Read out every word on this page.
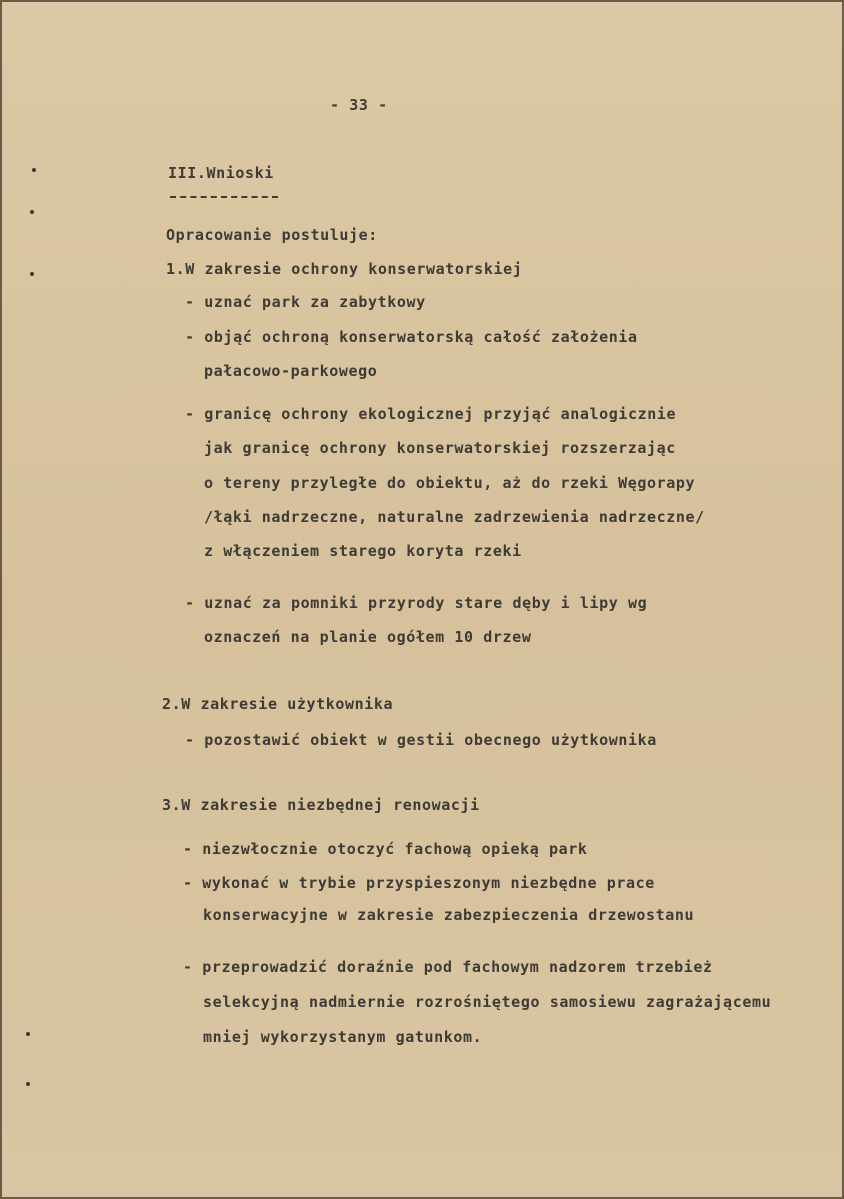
- 33 -
III.Wnioski
Opracowanie postuluje:
1.W zakresie ochrony konserwatorskiej
- uznać park za zabytkowy
- objąć ochroną konserwatorską całość założenia
pałacowo-parkowego
- granicę ochrony ekologicznej przyjąć analogicznie
jak granicę ochrony konserwatorskiej rozszerzając
o tereny przyległe do obiektu, aż do rzeki Węgorapy
/łąki nadrzeczne, naturalne zadrzewienia nadrzeczne/
z włączeniem starego koryta rzeki
- uznać za pomniki przyrody stare dęby i lipy wg
oznaczeń na planie ogółem 10 drzew
2.W zakresie użytkownika
- pozostawić obiekt w gestii obecnego użytkownika
3.W zakresie niezbędnej renowacji
- niezwłocznie otoczyć fachową opieką park
- wykonać w trybie przyspieszonym niezbędne prace
konserwacyjne w zakresie zabezpieczenia drzewostanu
- przeprowadzić doraźnie pod fachowym nadzorem trzebież
selekcyjną nadmiernie rozrośniętego samosiewu zagrażającemu
mniej wykorzystanym gatunkom.
